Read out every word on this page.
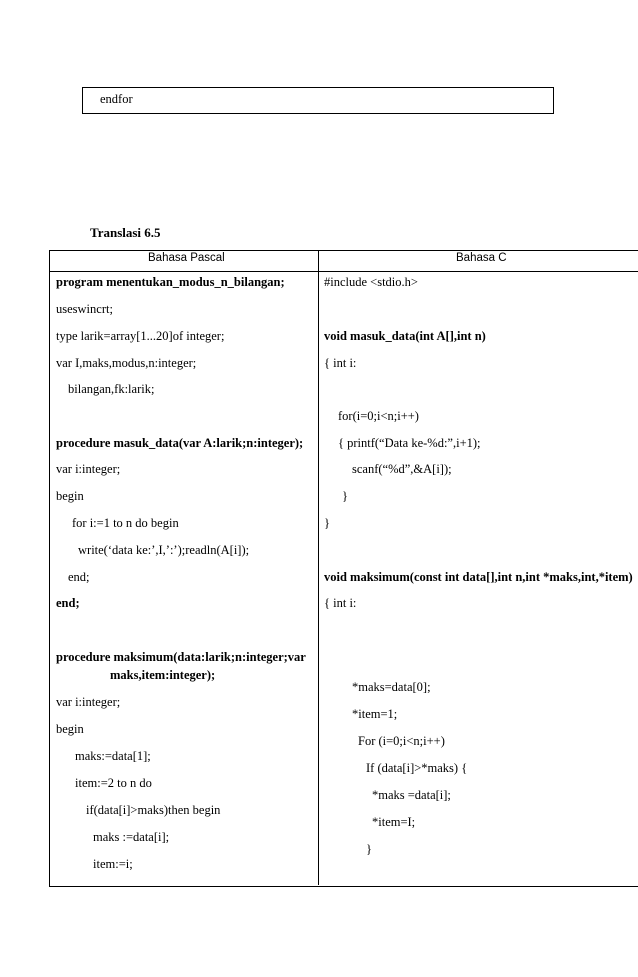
endfor
Translasi 6.5
Bahasa Pascal	Bahasa C
program menentukan_modus_n_bilangan;
useswincrt;
type larik=array[1...20]of integer;
var I,maks,modus,n:integer;
bilangan,fk:larik;
procedure masuk_data(var A:larik;n:integer);
var i:integer;
begin
for i:=1 to n do begin
write(‘data ke:’,I,’:’);readln(A[i]);
end;
end;
procedure maksimum(data:larik;n:integer;var
maks,item:integer);
var i:integer;
begin
maks:=data[1];
item:=2 to n do
if(data[i]>maks)then begin
maks :=data[i];
item:=i;
#include <stdio.h>
void masuk_data(int A[],int n)
{ int i:
for(i=0;i<n;i++)
{ printf(“Data ke-%d:”,i+1);
scanf(“%d”,&A[i]);
}
}
void maksimum(const int data[],int n,int *maks,int,*item)
{ int i:
*maks=data[0];
*item=1;
For (i=0;i<n;i++)
If (data[i]>*maks) {
*maks =data[i];
*item=I;
}
